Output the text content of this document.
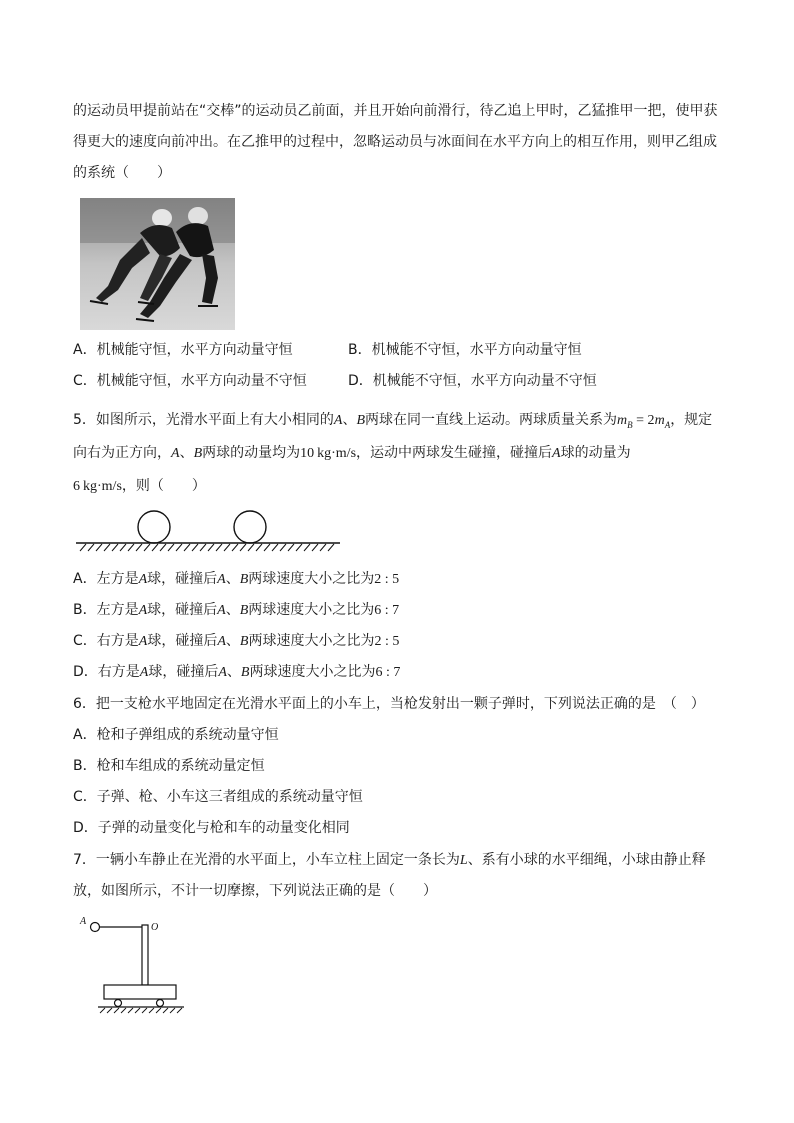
的运动员甲提前站在“交棒”的运动员乙前面，并且开始向前滑行，待乙追上甲时，乙猛推甲一把，使甲获
得更大的速度向前冲出。在乙推甲的过程中，忽略运动员与冰面间在水平方向上的相互作用，则甲乙组成
的系统（　　）
A．机械能守恒，水平方向动量守恒	B．机械能不守恒，水平方向动量守恒
C．机械能守恒，水平方向动量不守恒	D．机械能不守恒，水平方向动量不守恒
5．如图所示，光滑水平面上有大小相同的A、B两球在同一直线上运动。两球质量关系为$m_B = 2m_A$，规定
向右为正方向，A、B两球的动量均为10 kg·m/s，运动中两球发生碰撞，碰撞后A球的动量为
6 kg·m/s，则（　　）
A．左方是A球，碰撞后A、B两球速度大小之比为2 : 5
B．左方是A球，碰撞后A、B两球速度大小之比为6 : 7
C．右方是A球，碰撞后A、B两球速度大小之比为2 : 5
D．右方是A球，碰撞后A、B两球速度大小之比为6 : 7
6．把一支枪水平地固定在光滑水平面上的小车上，当枪发射出一颗子弹时，下列说法正确的是　（　）
A．枪和子弹组成的系统动量守恒
B．枪和车组成的系统动量定恒
C．子弹、枪、小车这三者组成的系统动量守恒
D．子弹的动量变化与枪和车的动量变化相同
7．一辆小车静止在光滑的水平面上，小车立柱上固定一条长为L、系有小球的水平细绳，小球由静止释
放，如图所示，不计一切摩擦，下列说法正确的是（　　）
A
O
